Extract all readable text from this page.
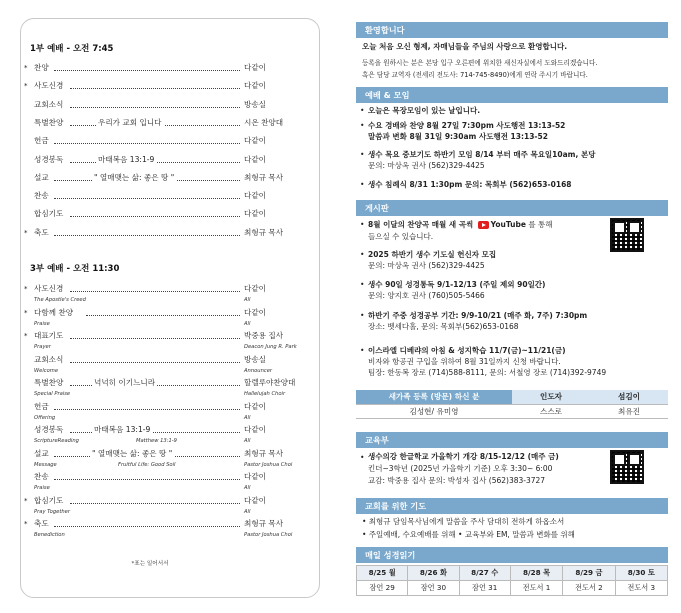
1부 예배 - 오전 7:45
* 찬양	다같이
* 사도신경	다같이
교회소식	방송실
특별찬양	우리가 교회 입니다	시온 찬양대
헌금	다같이
성경봉독	마태복음 13:1-9	다같이
설교	" 열매맺는 삶: 좋은 땅 "	최형규 목사
찬송	다같이
합심기도	다같이
* 축도	최형규 목사
3부 예배 - 오전 11:30
* 사도신경	다같이
The Apostle's Creed	All
* 다함께 찬양	다같이
Praise	All
* 대표기도	박중용 집사
Prayer	Deacon Jung R. Park
교회소식	방송실
Welcome	Announcer
특별찬양	넉넉히 이기느니라	할렐루야찬양대
Special Praise	Hallelujah Choir
헌금	다같이
Offering	All
성경봉독	마태복음 13:1-9	다같이
ScriptureReading	Matthew 13:1-9	All
설교	" 열매맺는 삶: 좋은 땅 "	최형규 목사
Message	Fruitful Life: Good Soil	Pastor Joshua Choi
찬송	다같이
Praise	All
* 합심기도	다같이
Pray Together	All
* 축도	최형규 목사
Benediction	Pastor Joshua Choi
*표는 일어서서
환영합니다
오늘 처음 오신 형제, 자매님들을 주님의 사랑으로 환영합니다.
등록을 원하시는 분은 본당 입구 오른편에 위치한 새신자실에서 도와드리겠습니다.
혹은 담당 교역자 (전세리 전도사: 714-745-8490)에게 연락 주시기 바랍니다.
예배 & 모임
• 오늘은 목장모임이 있는 날입니다.
• 수요 경배와 찬양 8월 27일 7:30pm 사도행전 13:13-52
말씀과 변화 8월 31일 9:30am 사도행전 13:13-52
• 생수 목요 중보기도 하반기 모임 8/14 부터 매주 목요일10am, 본당
문의: 마상옥 권사 (562)329-4425
• 생수 침례식 8/31 1:30pm 문의: 목회부 (562)653-0168
게시판
• 8월 이달의 찬양곡 매월 새 곡씩 YouTube 를 통해
들으실 수 있습니다.
• 2025 하반기 생수 기도실 헌신자 모집
문의: 마상옥 권사 (562)329-4425
• 생수 90일 성경통독 9/1-12/13 (주일 제외 90일간)
문의: 양지호 권사 (760)505-5466
• 하반기 주중 성경공부 기간: 9/9-10/21 (매주 화, 7주) 7:30pm
장소: 벳세다홀, 문의: 목회부(562)653-0168
• 이스라엘 디베랴의 아침 & 성지학습 11/7(금)~11/21(금)
비자와 항공권 구입을 위하여 8월 31일까지 신청 바랍니다.
팀장: 한동복 장로 (714)588-8111, 문의: 서철영 장로 (714)392-9749
새가족 등록 (방문) 하신 분	인도자	섬김이
김성현/ 유미영	스스로	최유진
교육부
• 생수의강 한글학교 가을학기 개강 8/15-12/12 (매주 금)
킨더~3학년 (2025년 가을학기 기준) 오후 3:30~ 6:00
교감: 박중용 집사 문의: 박성자 집사 (562)383-3727
교회를 위한 기도
• 최형규 담임목사님에게 말씀을 주사 담대히 전하게 하옵소서
• 주일예배, 수요예배를 위해 • 교육부와 EM, 말씀과 변화를 위해
매일 성경읽기
8/25 월	8/26 화	8/27 수	8/28 목	8/29 금	8/30 토
잠언 29	잠언 30	잠언 31	전도서 1	전도서 2	전도서 3
